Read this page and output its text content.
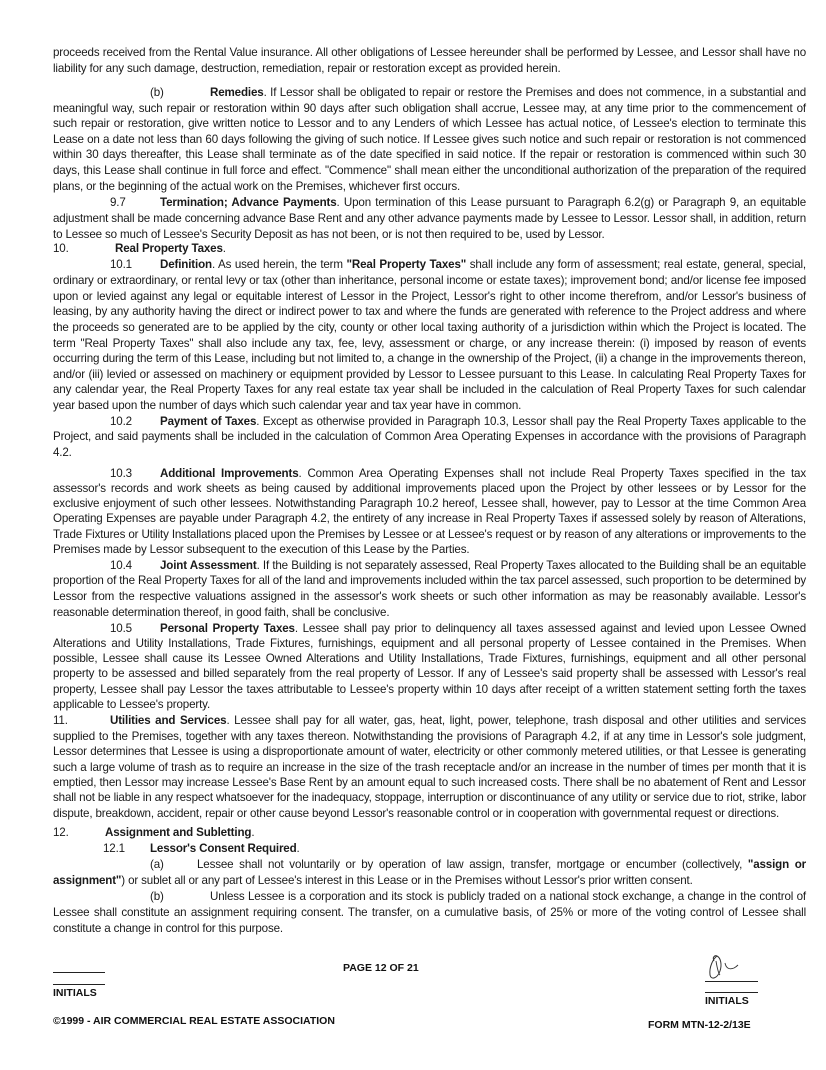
proceeds received from the Rental Value insurance. All other obligations of Lessee hereunder shall be performed by Lessee, and Lessor shall have no
liability for any such damage, destruction, remediation, repair or restoration except as provided herein.
(b)	Remedies. If Lessor shall be obligated to repair or restore the Premises and does not commence, in a substantial and
meaningful way, such repair or restoration within 90 days after such obligation shall accrue, Lessee may, at any time prior to the commencement of
such repair or restoration, give written notice to Lessor and to any Lenders of which Lessee has actual notice, of Lessee's election to terminate this
Lease on a date not less than 60 days following the giving of such notice. If Lessee gives such notice and such repair or restoration is not commenced
within 30 days thereafter, this Lease shall terminate as of the date specified in said notice. If the repair or restoration is commenced within such 30
days, this Lease shall continue in full force and effect. "Commence" shall mean either the unconditional authorization of the preparation of the required
plans, or the beginning of the actual work on the Premises, whichever first occurs.
9.7	Termination; Advance Payments. Upon termination of this Lease pursuant to Paragraph 6.2(g) or Paragraph 9, an equitable
adjustment shall be made concerning advance Base Rent and any other advance payments made by Lessee to Lessor. Lessor shall, in addition, return
to Lessee so much of Lessee's Security Deposit as has not been, or is not then required to be, used by Lessor.
10.	Real Property Taxes.
10.1 Definition. As used herein, the term "Real Property Taxes" shall include any form of assessment; real estate, general, special,
ordinary or extraordinary, or rental levy or tax (other than inheritance, personal income or estate taxes); improvement bond; and/or license fee imposed
upon or levied against any legal or equitable interest of Lessor in the Project, Lessor's right to other income therefrom, and/or Lessor's business of
leasing, by any authority having the direct or indirect power to tax and where the funds are generated with reference to the Project address and where
the proceeds so generated are to be applied by the city, county or other local taxing authority of a jurisdiction within which the Project is located. The
term "Real Property Taxes" shall also include any tax, fee, levy, assessment or charge, or any increase therein: (i) imposed by reason of events
occurring during the term of this Lease, including but not limited to, a change in the ownership of the Project, (ii) a change in the improvements thereon,
and/or (iii) levied or assessed on machinery or equipment provided by Lessor to Lessee pursuant to this Lease. In calculating Real Property Taxes for
any calendar year, the Real Property Taxes for any real estate tax year shall be included in the calculation of Real Property Taxes for such calendar
year based upon the number of days which such calendar year and tax year have in common.
10.2 Payment of Taxes. Except as otherwise provided in Paragraph 10.3, Lessor shall pay the Real Property Taxes applicable to the
Project, and said payments shall be included in the calculation of Common Area Operating Expenses in accordance with the provisions of Paragraph
4.2.
10.3 Additional Improvements. Common Area Operating Expenses shall not include Real Property Taxes specified in the tax
assessor's records and work sheets as being caused by additional improvements placed upon the Project by other lessees or by Lessor for the
exclusive enjoyment of such other lessees. Notwithstanding Paragraph 10.2 hereof, Lessee shall, however, pay to Lessor at the time Common Area
Operating Expenses are payable under Paragraph 4.2, the entirety of any increase in Real Property Taxes if assessed solely by reason of Alterations,
Trade Fixtures or Utility Installations placed upon the Premises by Lessee or at Lessee's request or by reason of any alterations or improvements to the
Premises made by Lessor subsequent to the execution of this Lease by the Parties.
10.4 Joint Assessment. If the Building is not separately assessed, Real Property Taxes allocated to the Building shall be an equitable
proportion of the Real Property Taxes for all of the land and improvements included within the tax parcel assessed, such proportion to be determined by
Lessor from the respective valuations assigned in the assessor's work sheets or such other information as may be reasonably available. Lessor's
reasonable determination thereof, in good faith, shall be conclusive.
10.5 Personal Property Taxes. Lessee shall pay prior to delinquency all taxes assessed against and levied upon Lessee Owned
Alterations and Utility Installations, Trade Fixtures, furnishings, equipment and all personal property of Lessee contained in the Premises. When
possible, Lessee shall cause its Lessee Owned Alterations and Utility Installations, Trade Fixtures, furnishings, equipment and all other personal
property to be assessed and billed separately from the real property of Lessor. If any of Lessee's said property shall be assessed with Lessor's real
property, Lessee shall pay Lessor the taxes attributable to Lessee's property within 10 days after receipt of a written statement setting forth the taxes
applicable to Lessee's property.
11.	Utilities and Services. Lessee shall pay for all water, gas, heat, light, power, telephone, trash disposal and other utilities and services
supplied to the Premises, together with any taxes thereon. Notwithstanding the provisions of Paragraph 4.2, if at any time in Lessor's sole judgment,
Lessor determines that Lessee is using a disproportionate amount of water, electricity or other commonly metered utilities, or that Lessee is generating
such a large volume of trash as to require an increase in the size of the trash receptacle and/or an increase in the number of times per month that it is
emptied, then Lessor may increase Lessee's Base Rent by an amount equal to such increased costs. There shall be no abatement of Rent and Lessor
shall not be liable in any respect whatsoever for the inadequacy, stoppage, interruption or discontinuance of any utility or service due to riot, strike, labor
dispute, breakdown, accident, repair or other cause beyond Lessor's reasonable control or in cooperation with governmental request or directions.
12.	Assignment and Subletting.
12.1 Lessor's Consent Required.
(a)	Lessee shall not voluntarily or by operation of law assign, transfer, mortgage or encumber (collectively, "assign or
assignment") or sublet all or any part of Lessee's interest in this Lease or in the Premises without Lessor's prior written consent.
(b)	Unless Lessee is a corporation and its stock is publicly traded on a national stock exchange, a change in the control of
Lessee shall constitute an assignment requiring consent. The transfer, on a cumulative basis, of 25% or more of the voting control of Lessee shall
constitute a change in control for this purpose.
INITIALS
PAGE 12 OF 21
INITIALS
©1999 - AIR COMMERCIAL REAL ESTATE ASSOCIATION	FORM MTN-12-2/13E
